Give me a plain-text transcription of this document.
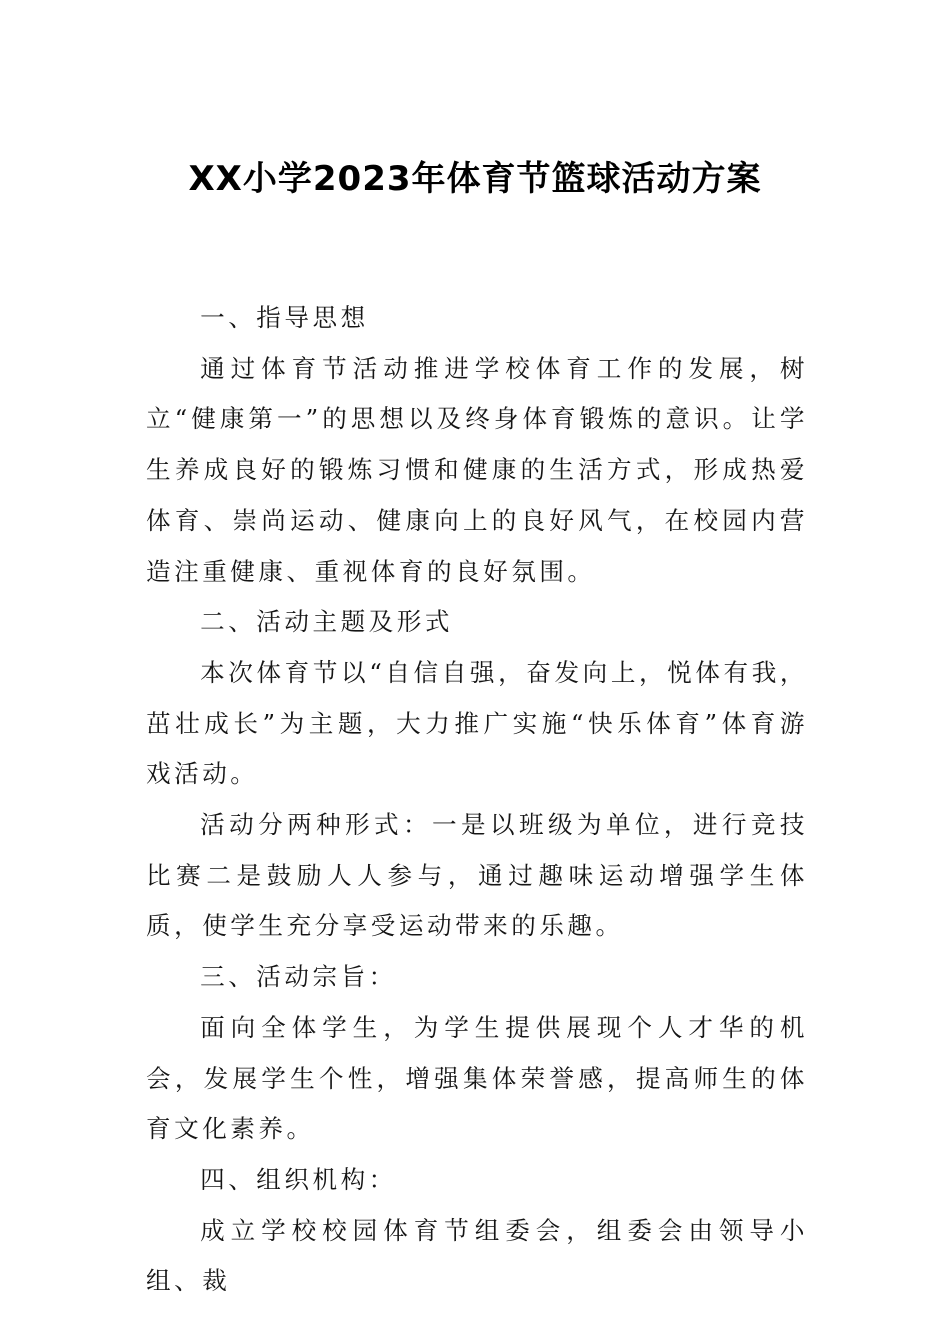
XX小学2023年体育节篮球活动方案

一、指导思想

通过体育节活动推进学校体育工作的发展，树立“健康第一”的思想以及终身体育锻炼的意识。让学生养成良好的锻炼习惯和健康的生活方式，形成热爱体育、崇尚运动、健康向上的良好风气，在校园内营造注重健康、重视体育的良好氛围。

二、活动主题及形式

本次体育节以“自信自强，奋发向上，悦体有我，茁壮成长”为主题，大力推广实施“快乐体育”体育游戏活动。

活动分两种形式：一是以班级为单位，进行竞技比赛二是鼓励人人参与，通过趣味运动增强学生体质，使学生充分享受运动带来的乐趣。

三、活动宗旨：

面向全体学生，为学生提供展现个人才华的机会，发展学生个性，增强集体荣誉感，提高师生的体育文化素养。

四、组织机构：

成立学校校园体育节组委会，组委会由领导小组、裁
